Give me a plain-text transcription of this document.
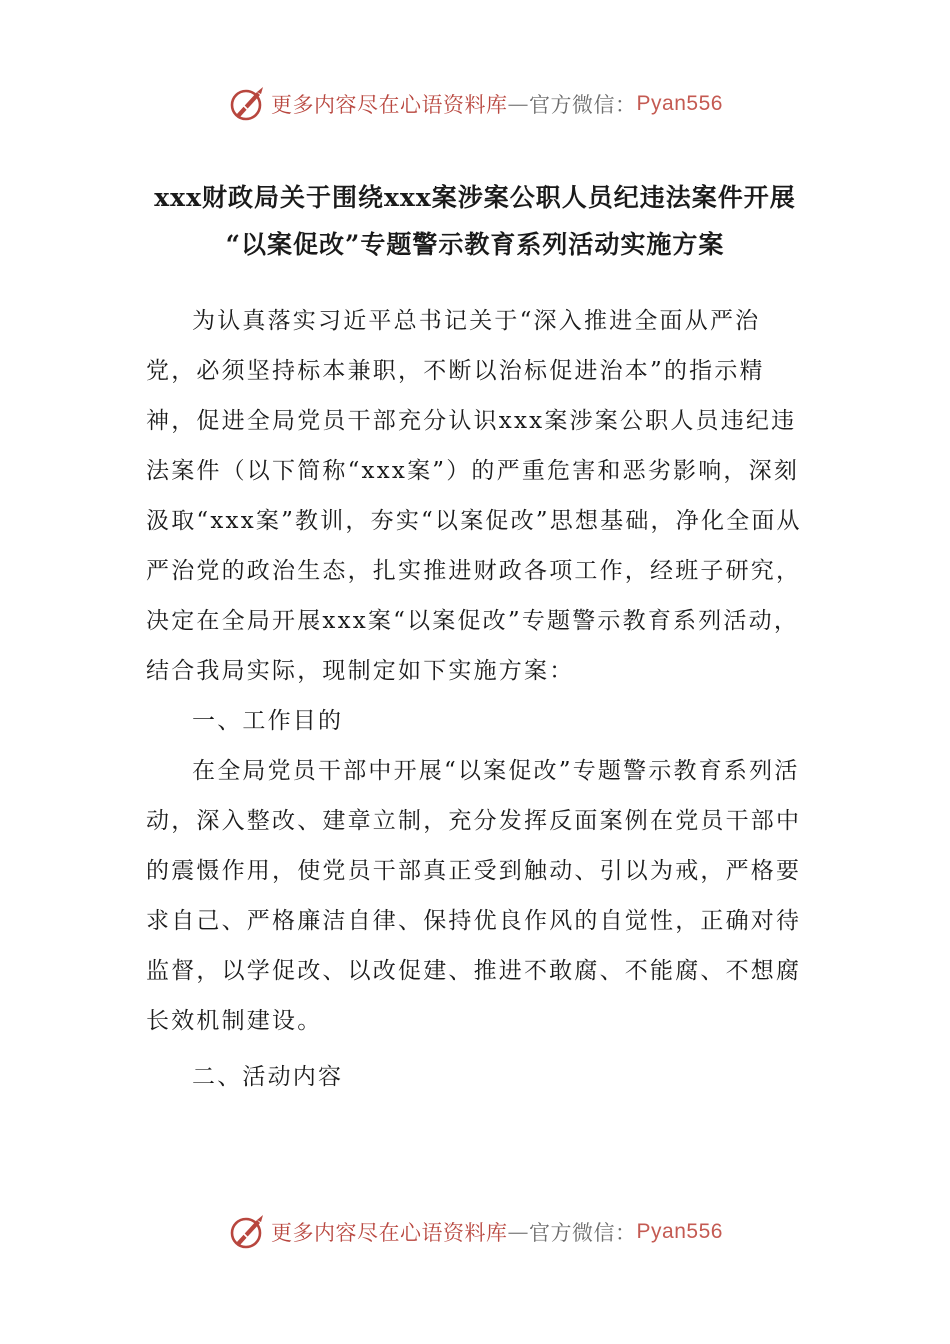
更多内容尽在心语资料库 — 官方微信： Pyan556
xxx财政局关于围绕xxx案涉案公职人员纪违法案件开展
“以案促改”专题警示教育系列活动实施方案

为认真落实习近平总书记关于“深入推进全面从严治党，必须坚持标本兼职，不断以治标促进治本”的指示精神，促进全局党员干部充分认识xxx案涉案公职人员违纪违法案件（以下简称“xxx案”）的严重危害和恶劣影响，深刻汲取“xxx案”教训，夯实“以案促改”思想基础，净化全面从严治党的政治生态，扎实推进财政各项工作，经班子研究，决定在全局开展xxx案“以案促改”专题警示教育系列活动，结合我局实际，现制定如下实施方案：

一、工作目的

在全局党员干部中开展“以案促改”专题警示教育系列活动，深入整改、建章立制，充分发挥反面案例在党员干部中的震慑作用，使党员干部真正受到触动、引以为戒，严格要求自己、严格廉洁自律、保持优良作风的自觉性，正确对待监督，以学促改、以改促建、推进不敢腐、不能腐、不想腐长效机制建设。

二、活动内容

更多内容尽在心语资料库 — 官方微信： Pyan556
